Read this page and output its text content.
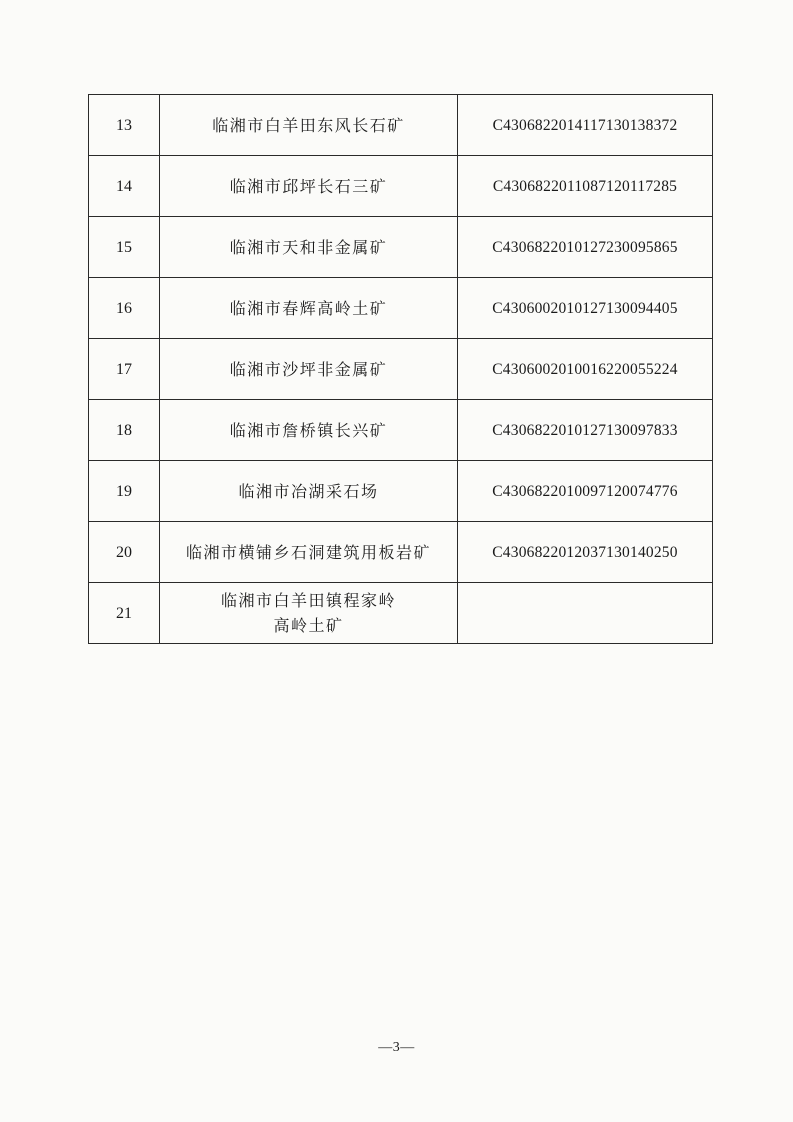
13	临湘市白羊田东风长石矿	C4306822014117130138372
14	临湘市邱坪长石三矿	C4306822011087120117285
15	临湘市天和非金属矿	C4306822010127230095865
16	临湘市春辉高岭土矿	C4306002010127130094405
17	临湘市沙坪非金属矿	C4306002010016220055224
18	临湘市詹桥镇长兴矿	C4306822010127130097833
19	临湘市冶湖采石场	C4306822010097120074776
20	临湘市横铺乡石洞建筑用板岩矿	C4306822012037130140250
21	临湘市白羊田镇程家岭
高岭土矿	

—3—
